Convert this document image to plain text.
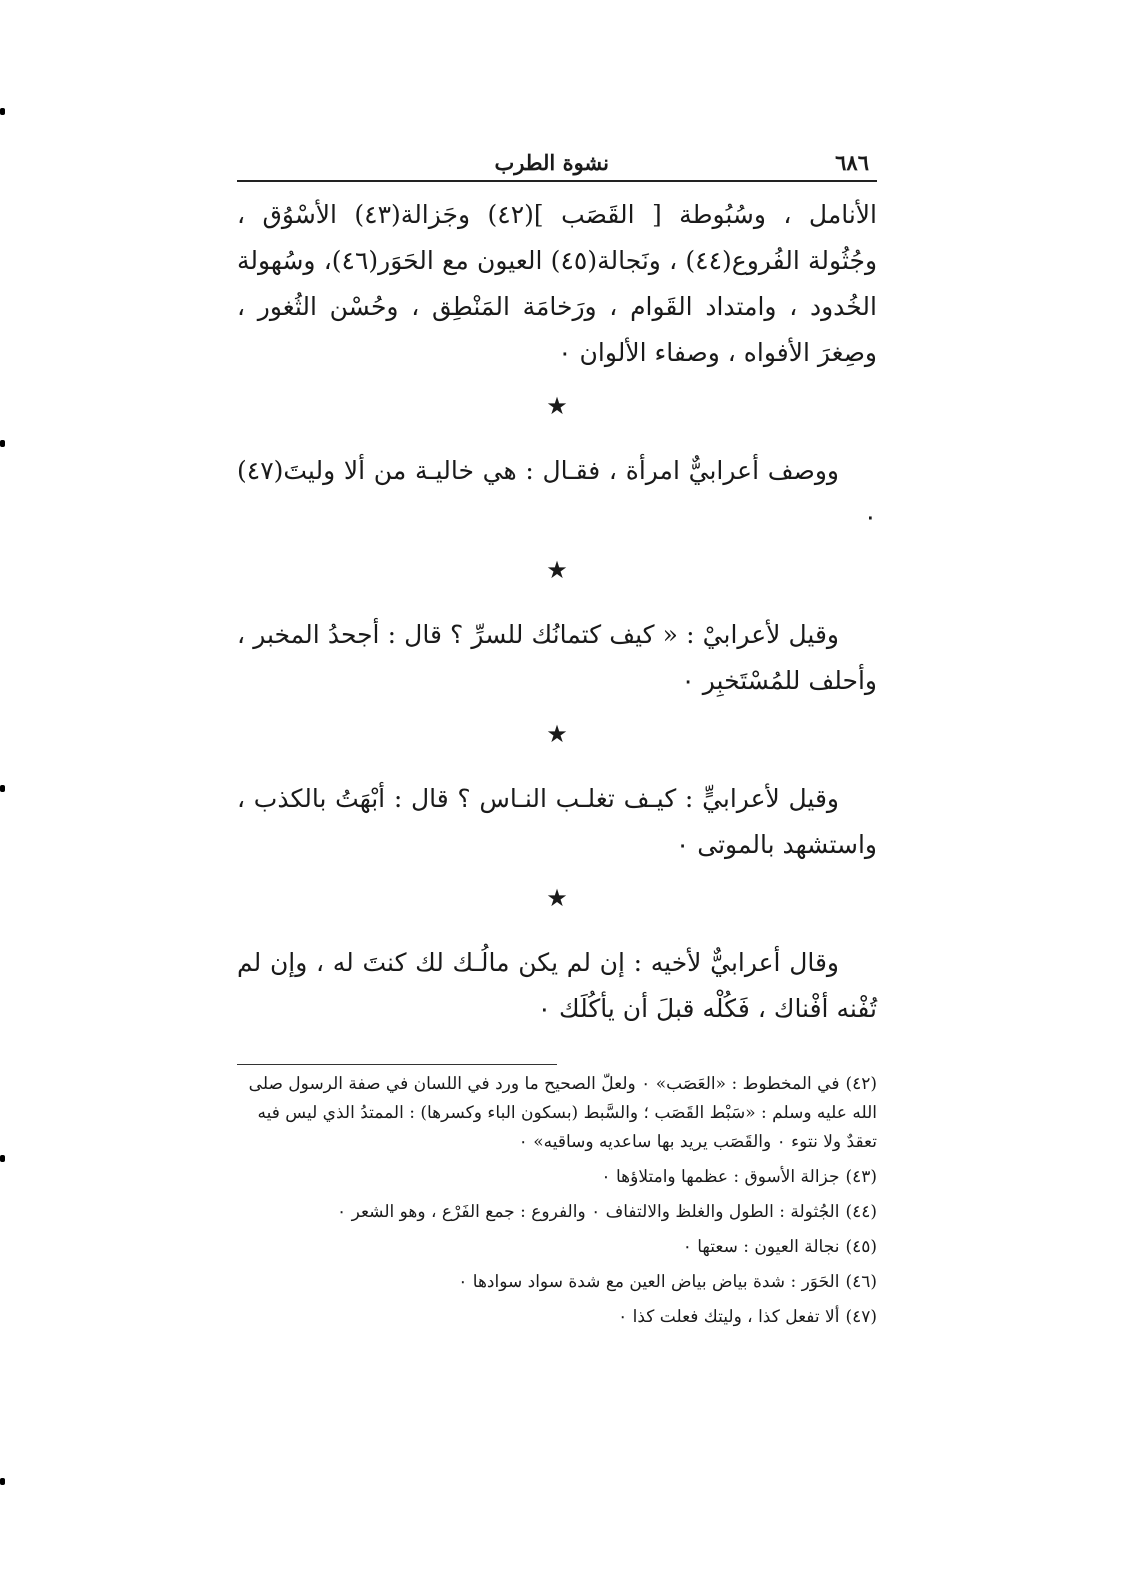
٦٨٦
نشوة الطرب

الأنامل ، وسُبُوطة [ القَصَب ](٤٢) وجَزالة(٤٣) الأسْوُق ، وجُثُولة الفُروع(٤٤) ، ونَجالة(٤٥) العيون مع الحَوَر(٤٦)، وسُهولة الخُدود ، وامتداد القَوام ، ورَخامَة المَنْطِق ، وحُسْن الثُغور ، وصِغرَ الأفواه ، وصفاء الألوان ٠

★

ووصف أعرابيٌّ امرأة ، فقـال : هي خاليـة من ألا وليتَ(٤٧) ٠

★

وقيل لأعرابيْ : « كيف كتمانُك للسرِّ ؟ قال : أجحدُ المخبر ، وأحلف للمُسْتَخبِر ٠

★

وقيل لأعرابيٍّ : كيـف تغلـب النـاس ؟ قال : أبْهَتُ بالكذب ، واستشهد بالموتى ٠

★

وقال أعرابيٌّ لأخيه : إن لم يكن مالُـك لك كنتَ له ، وإن لم تُفْنه أفْناك ، فَكُلْه قبلَ أن يأكُلَك ٠

(٤٢)في المخطوط : «العَصَب» ٠ ولعلّ الصحيح ما ورد في اللسان في صفة الرسول صلى الله عليه وسلم : «سَبْط القَصَب ؛ والسَّبط (بسكون الباء وكسرها) : الممتدُ الذي ليس فيه تعقدٌ ولا نتوء ٠ والقَصَب يريد بها ساعديه وساقيه» ٠

(٤٣)جزالة الأسوق : عظمها وامتلاؤها ٠

(٤٤)الجُثولة : الطول والغلظ والالتفاف ٠ والفروع : جمع الفَرْع ، وهو الشعر ٠

(٤٥)نجالة العيون : سعتها ٠

(٤٦)الحَوَر : شدة بياض بياض العين مع شدة سواد سوادها ٠

(٤٧)ألا تفعل كذا ، وليتك فعلت كذا ٠
